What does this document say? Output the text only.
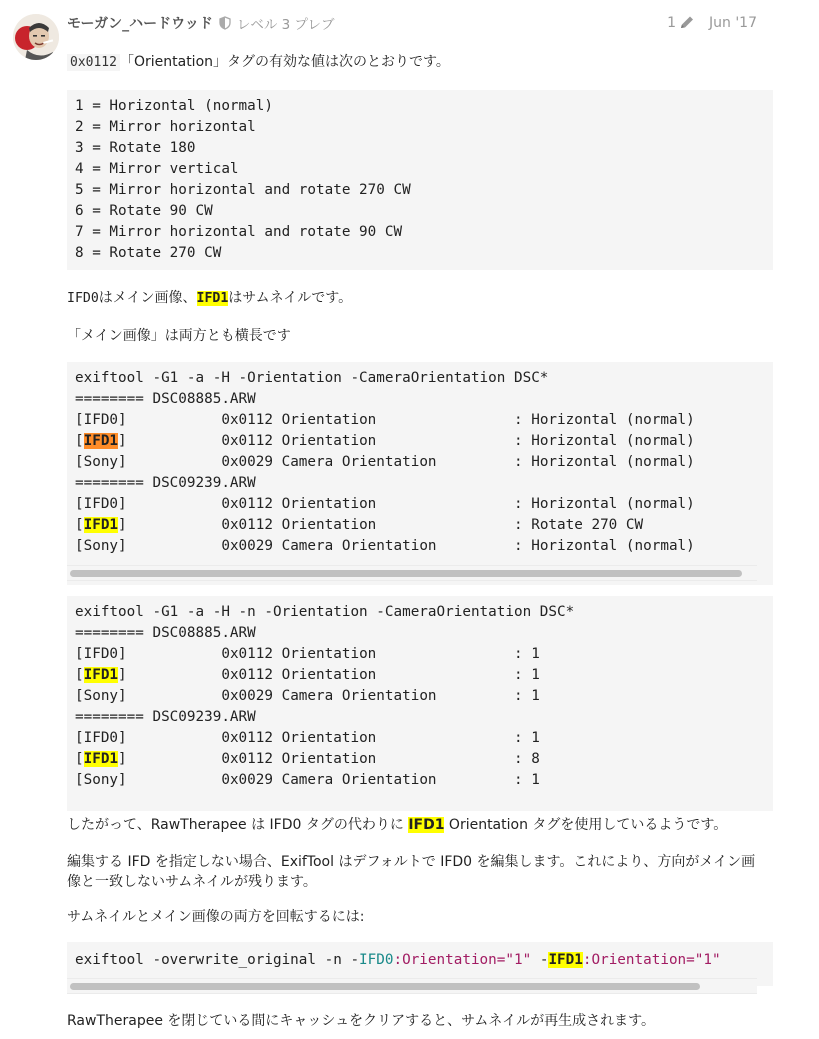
モーガン_ハードウッド レベル 3 プレブ	1 Jun '17

0x0112 「Orientation」タグの有効な値は次のとおりです。

1 = Horizontal (normal)
2 = Mirror horizontal
3 = Rotate 180
4 = Mirror vertical
5 = Mirror horizontal and rotate 270 CW
6 = Rotate 90 CW
7 = Mirror horizontal and rotate 90 CW
8 = Rotate 270 CW

IFD0はメイン画像、IFD1はサムネイルです。

「メイン画像」は両方とも横長です

exiftool -G1 -a -H -Orientation -CameraOrientation DSC*
======== DSC08885.ARW
[IFD0]           0x0112 Orientation                : Horizontal (normal)
[IFD1]           0x0112 Orientation                : Horizontal (normal)
[Sony]           0x0029 Camera Orientation         : Horizontal (normal)
======== DSC09239.ARW
[IFD0]           0x0112 Orientation                : Horizontal (normal)
[IFD1]           0x0112 Orientation                : Rotate 270 CW
[Sony]           0x0029 Camera Orientation         : Horizontal (normal)
exiftool -G1 -a -H -n -Orientation -CameraOrientation DSC*
======== DSC08885.ARW
[IFD0]           0x0112 Orientation                : 1
[IFD1]           0x0112 Orientation                : 1
[Sony]           0x0029 Camera Orientation         : 1
======== DSC09239.ARW
[IFD0]           0x0112 Orientation                : 1
[IFD1]           0x0112 Orientation                : 8
[Sony]           0x0029 Camera Orientation         : 1

したがって、RawTherapee は IFD0 タグの代わりに IFD1 Orientation タグを使用しているようです。

編集する IFD を指定しない場合、ExifTool はデフォルトで IFD0 を編集します。これにより、方向がメイン画像と一致しないサムネイルが残ります。

サムネイルとメイン画像の両方を回転するには:

exiftool -overwrite_original -n -IFD0:Orientation="1" -IFD1:Orientation="1"

RawTherapee を閉じている間にキャッシュをクリアすると、サムネイルが再生成されます。
